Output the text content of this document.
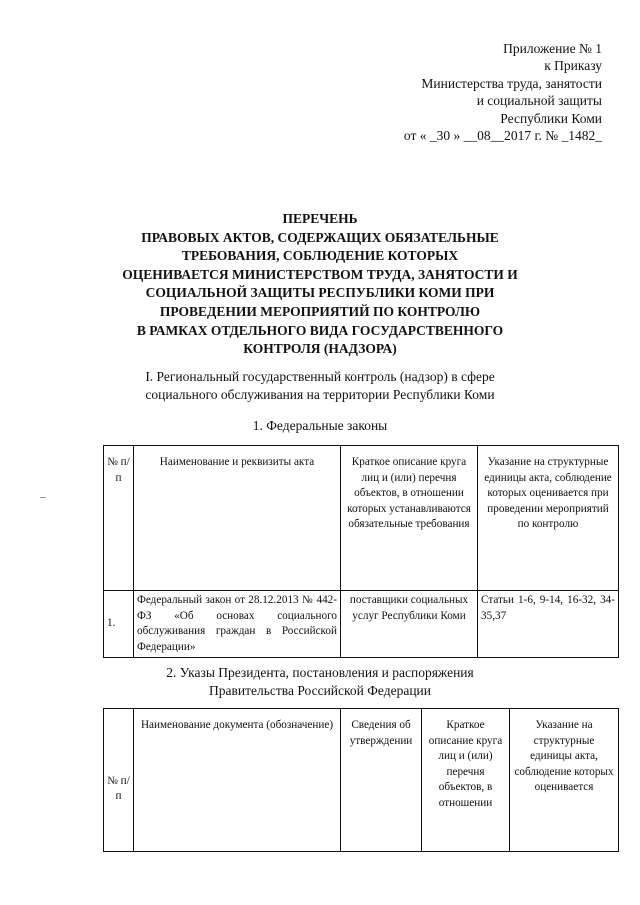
Приложение № 1
к Приказу
Министерства труда, занятости
и социальной защиты
Республики Коми
от « _30 » __08__2017 г. № _1482_
ПЕРЕЧЕНЬ
ПРАВОВЫХ АКТОВ, СОДЕРЖАЩИХ ОБЯЗАТЕЛЬНЫЕ
ТРЕБОВАНИЯ, СОБЛЮДЕНИЕ КОТОРЫХ
ОЦЕНИВАЕТСЯ МИНИСТЕРСТВОМ ТРУДА, ЗАНЯТОСТИ И
СОЦИАЛЬНОЙ ЗАЩИТЫ РЕСПУБЛИКИ КОМИ ПРИ
ПРОВЕДЕНИИ МЕРОПРИЯТИЙ ПО КОНТРОЛЮ
В РАМКАХ ОТДЕЛЬНОГО ВИДА ГОСУДАРСТВЕННОГО
КОНТРОЛЯ (НАДЗОРА)
I. Региональный государственный контроль (надзор) в сфере
социального обслуживания на территории Республики Коми
1. Федеральные законы
№ п/п	Наименование и реквизиты акта	Краткое описание круга лиц и (или) перечня объектов, в отношении которых устанавливаются обязательные требования	Указание на структурные единицы акта, соблюдение которых оценивается при проведении мероприятий по контролю
1.	Федеральный закон от 28.12.2013 № 442-ФЗ «Об основах социального обслуживания граждан в Российской Федерации»	поставщики социальных услуг Республики Коми	Статьи 1-6, 9-14, 16-32, 34-35,37
2. Указы Президента, постановления и распоряжения
Правительства Российской Федерации
№ п/п	Наименование документа (обозначение)	Сведения об утверждении	Краткое описание круга лиц и (или) перечня объектов, в отношении	Указание на структурные единицы акта, соблюдение которых оценивается
